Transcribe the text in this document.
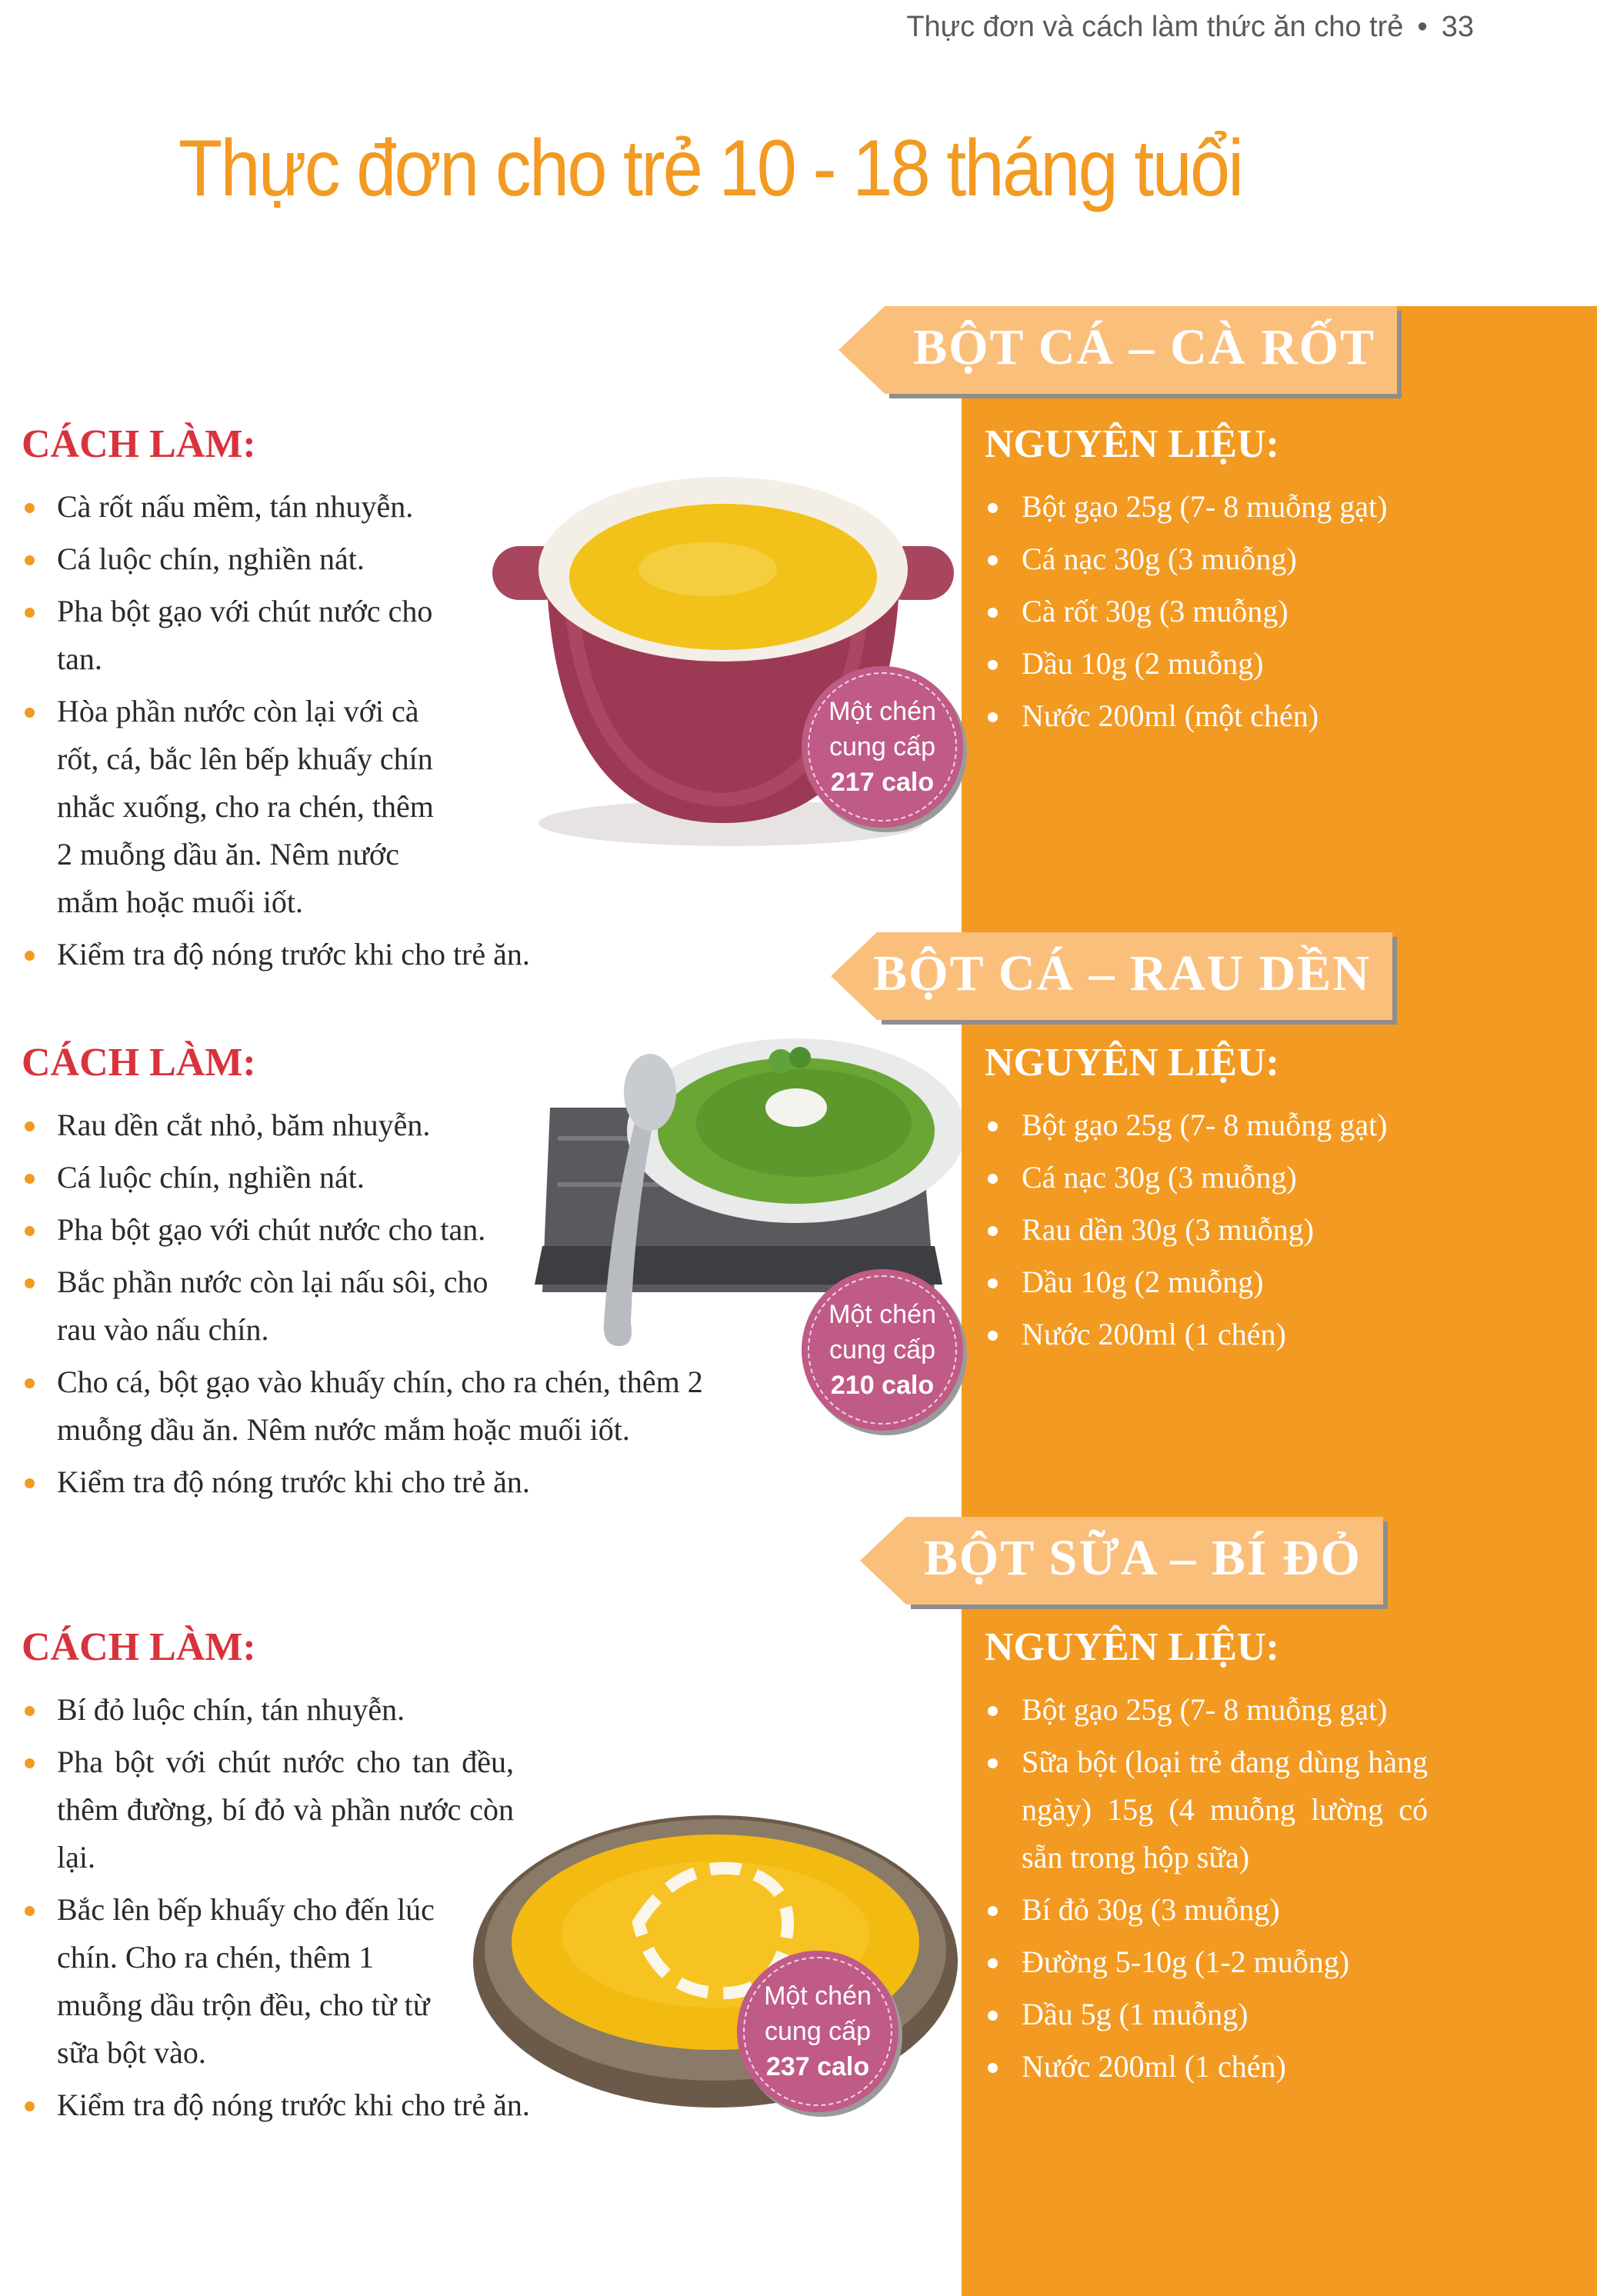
Thực đơn và cách làm thức ăn cho trẻ • 33
Thực đơn cho trẻ 10 - 18 tháng tuổi
BỘT CÁ – CÀ RỐT
CÁCH LÀM:
Cà rốt nấu mềm, tán nhuyễn.
Cá luộc chín, nghiền nát.
Pha bột gạo với chút nước cho tan.
Hòa phần nước còn lại với cà rốt, cá, bắc lên bếp khuấy chín nhắc xuống, cho ra chén, thêm 2 muỗng dầu ăn. Nêm nước mắm hoặc muối iốt.
Kiểm tra độ nóng trước khi cho trẻ ăn.
NGUYÊN LIỆU:
Bột gạo 25g (7- 8 muỗng gạt)
Cá nạc 30g (3 muỗng)
Cà rốt 30g (3 muỗng)
Dầu 10g (2 muỗng)
Nước 200ml (một chén)
Một chén
cung cấp
217 calo
BỘT CÁ – RAU DỀN
CÁCH LÀM:
Rau dền cắt nhỏ, băm nhuyễn.
Cá luộc chín, nghiền nát.
Pha bột gạo với chút nước cho tan.
Bắc phần nước còn lại nấu sôi, cho rau vào nấu chín.
Cho cá, bột gạo vào khuấy chín, cho ra chén, thêm 2 muỗng dầu ăn. Nêm nước mắm hoặc muối iốt.
Kiểm tra độ nóng trước khi cho trẻ ăn.
NGUYÊN LIỆU:
Bột gạo 25g (7- 8 muỗng gạt)
Cá nạc 30g (3 muỗng)
Rau dền 30g (3 muỗng)
Dầu 10g (2 muỗng)
Nước 200ml (1 chén)
Một chén
cung cấp
210 calo
BỘT SỮA – BÍ ĐỎ
CÁCH LÀM:
Bí đỏ luộc chín, tán nhuyễn.
Pha bột với chút nước cho tan đều, thêm đường, bí đỏ và phần nước còn lại.
Bắc lên bếp khuấy cho đến lúc chín. Cho ra chén, thêm 1 muỗng dầu trộn đều, cho từ từ sữa bột vào.
Kiểm tra độ nóng trước khi cho trẻ ăn.
NGUYÊN LIỆU:
Bột gạo 25g (7- 8 muỗng gạt)
Sữa bột (loại trẻ đang dùng hàng ngày) 15g (4 muỗng lường có sẵn trong hộp sữa)
Bí đỏ 30g (3 muỗng)
Đường 5-10g (1-2 muỗng)
Dầu 5g (1 muỗng)
Nước 200ml (1 chén)
Một chén
cung cấp
237 calo
